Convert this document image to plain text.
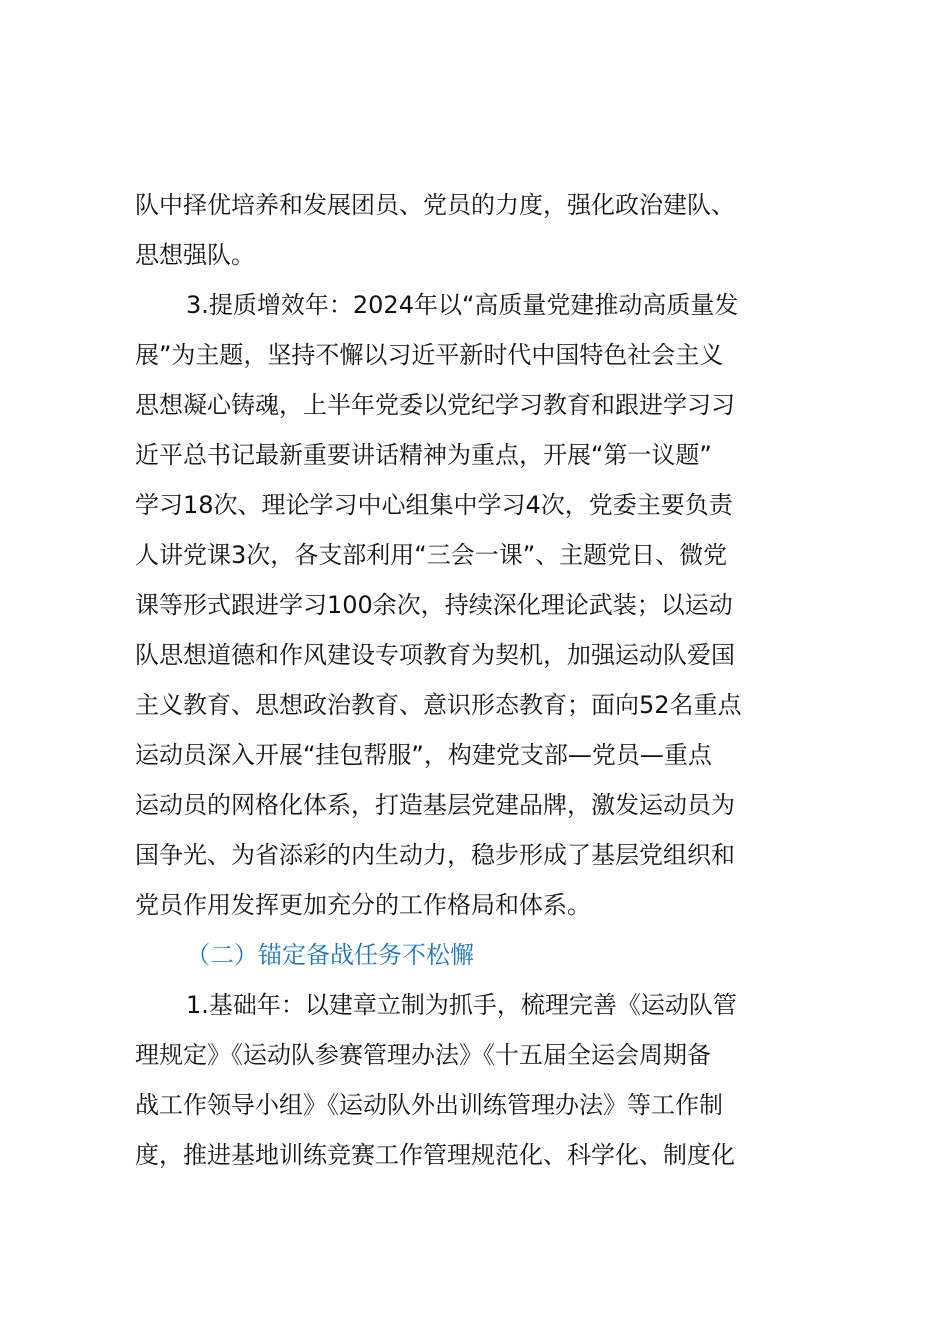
队中择优培养和发展团员、党员的力度，强化政治建队、
思想强队。
3.提质增效年：2024年以“高质量党建推动高质量发
展”为主题，坚持不懈以习近平新时代中国特色社会主义
思想凝心铸魂，上半年党委以党纪学习教育和跟进学习习
近平总书记最新重要讲话精神为重点，开展“第一议题”
学习18次、理论学习中心组集中学习4次，党委主要负责
人讲党课3次，各支部利用“三会一课”、主题党日、微党
课等形式跟进学习100余次，持续深化理论武装；以运动
队思想道德和作风建设专项教育为契机，加强运动队爱国
主义教育、思想政治教育、意识形态教育；面向52名重点
运动员深入开展“挂包帮服”，构建党支部—党员—重点
运动员的网格化体系，打造基层党建品牌，激发运动员为
国争光、为省添彩的内生动力，稳步形成了基层党组织和
党员作用发挥更加充分的工作格局和体系。
（二）锚定备战任务不松懈
1.基础年：以建章立制为抓手，梳理完善《运动队管
理规定》《运动队参赛管理办法》《十五届全运会周期备
战工作领导小组》《运动队外出训练管理办法》等工作制
度，推进基地训练竞赛工作管理规范化、科学化、制度化
